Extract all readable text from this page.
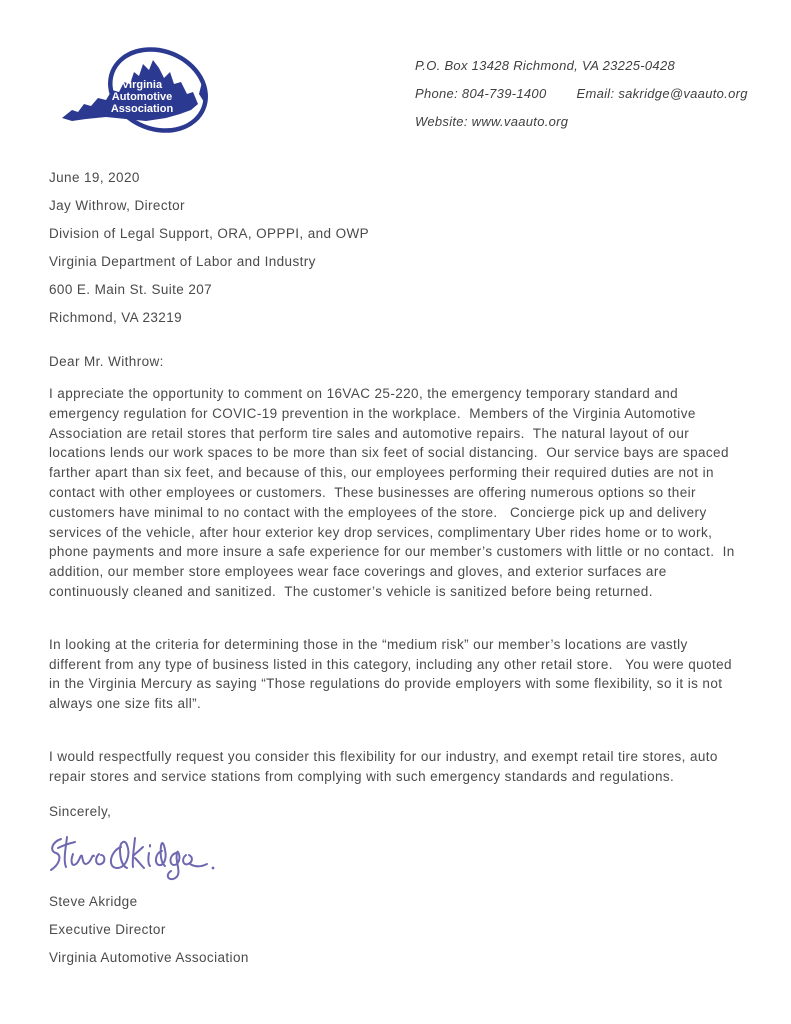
Virginia
Automotive
Association

P.O. Box 13428 Richmond, VA 23225-0428

Phone: 804-739-1400 Email: sakridge@vaauto.org

Website: www.vaauto.org

June 19, 2020

Jay Withrow, Director

Division of Legal Support, ORA, OPPPI, and OWP

Virginia Department of Labor and Industry

600 E. Main St. Suite 207

Richmond, VA 23219

Dear Mr. Withrow:

I appreciate the opportunity to comment on 16VAC 25-220, the emergency temporary standard and emergency regulation for COVIC-19 prevention in the workplace.  Members of the Virginia Automotive Association are retail stores that perform tire sales and automotive repairs.  The natural layout of our locations lends our work spaces to be more than six feet of social distancing.  Our service bays are spaced farther apart than six feet, and because of this, our employees performing their required duties are not in contact with other employees or customers.  These businesses are offering numerous options so their customers have minimal to no contact with the employees of the store.   Concierge pick up and delivery services of the vehicle, after hour exterior key drop services, complimentary Uber rides home or to work, phone payments and more insure a safe experience for our member’s customers with little or no contact.  In addition, our member store employees wear face coverings and gloves, and exterior surfaces are continuously cleaned and sanitized.  The customer’s vehicle is sanitized before being returned.

In looking at the criteria for determining those in the “medium risk” our member’s locations are vastly different from any type of business listed in this category, including any other retail store.   You were quoted in the Virginia Mercury as saying “Those regulations do provide employers with some flexibility, so it is not always one size fits all”.

I would respectfully request you consider this flexibility for our industry, and exempt retail tire stores, auto repair stores and service stations from complying with such emergency standards and regulations.

Sincerely,

Steve Akridge

Executive Director

Virginia Automotive Association
